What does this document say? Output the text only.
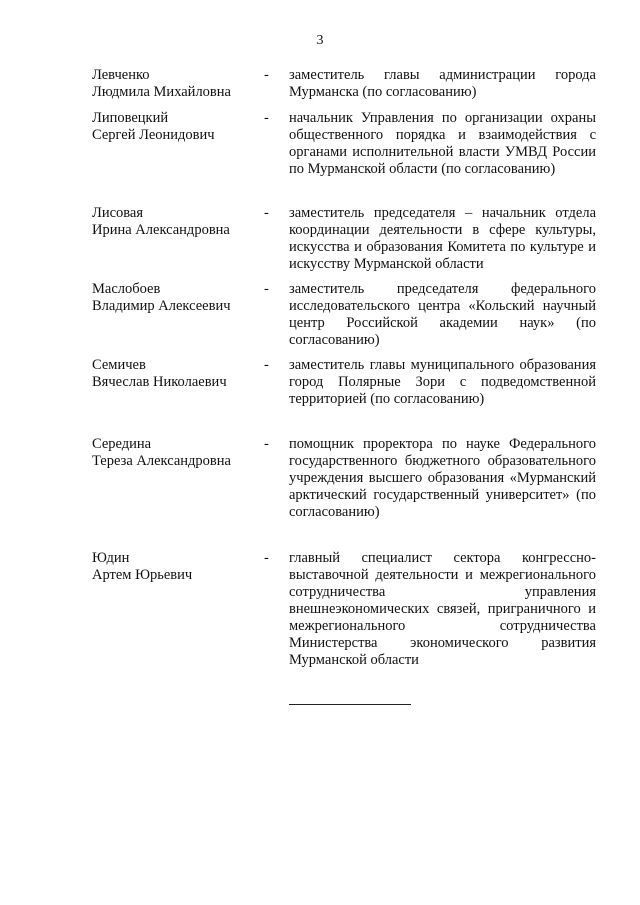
3
Левченко
Людмила Михайловна
-	заместитель главы администрации города Мурманска (по согласованию)
Липовецкий
Сергей Леонидович
-	начальник Управления по организации охраны общественного порядка и взаимодействия с органами исполнительной власти УМВД России по Мурманской области (по согласованию)
Лисовая
Ирина Александровна
-	заместитель председателя – начальник отдела координации деятельности в сфере культуры, искусства и образования Комитета по культуре и искусству Мурманской области
Маслобоев
Владимир Алексеевич
-	заместитель председателя федерального исследовательского центра «Кольский научный центр Российской академии наук» (по согласованию)
Семичев
Вячеслав Николаевич
-	заместитель главы муниципального образования город Полярные Зори с подведомственной территорией (по согласованию)
Середина
Тереза Александровна
-	помощник проректора по науке Федерального государственного бюджетного образовательного учреждения высшего образования «Мурманский арктический государственный университет» (по согласованию)
Юдин
Артем Юрьевич
-	главный специалист сектора конгрессно-выставочной деятельности и межрегионального сотрудничества управления внешнеэкономических связей, приграничного и межрегионального сотрудничества Министерства экономического развития Мурманской области
